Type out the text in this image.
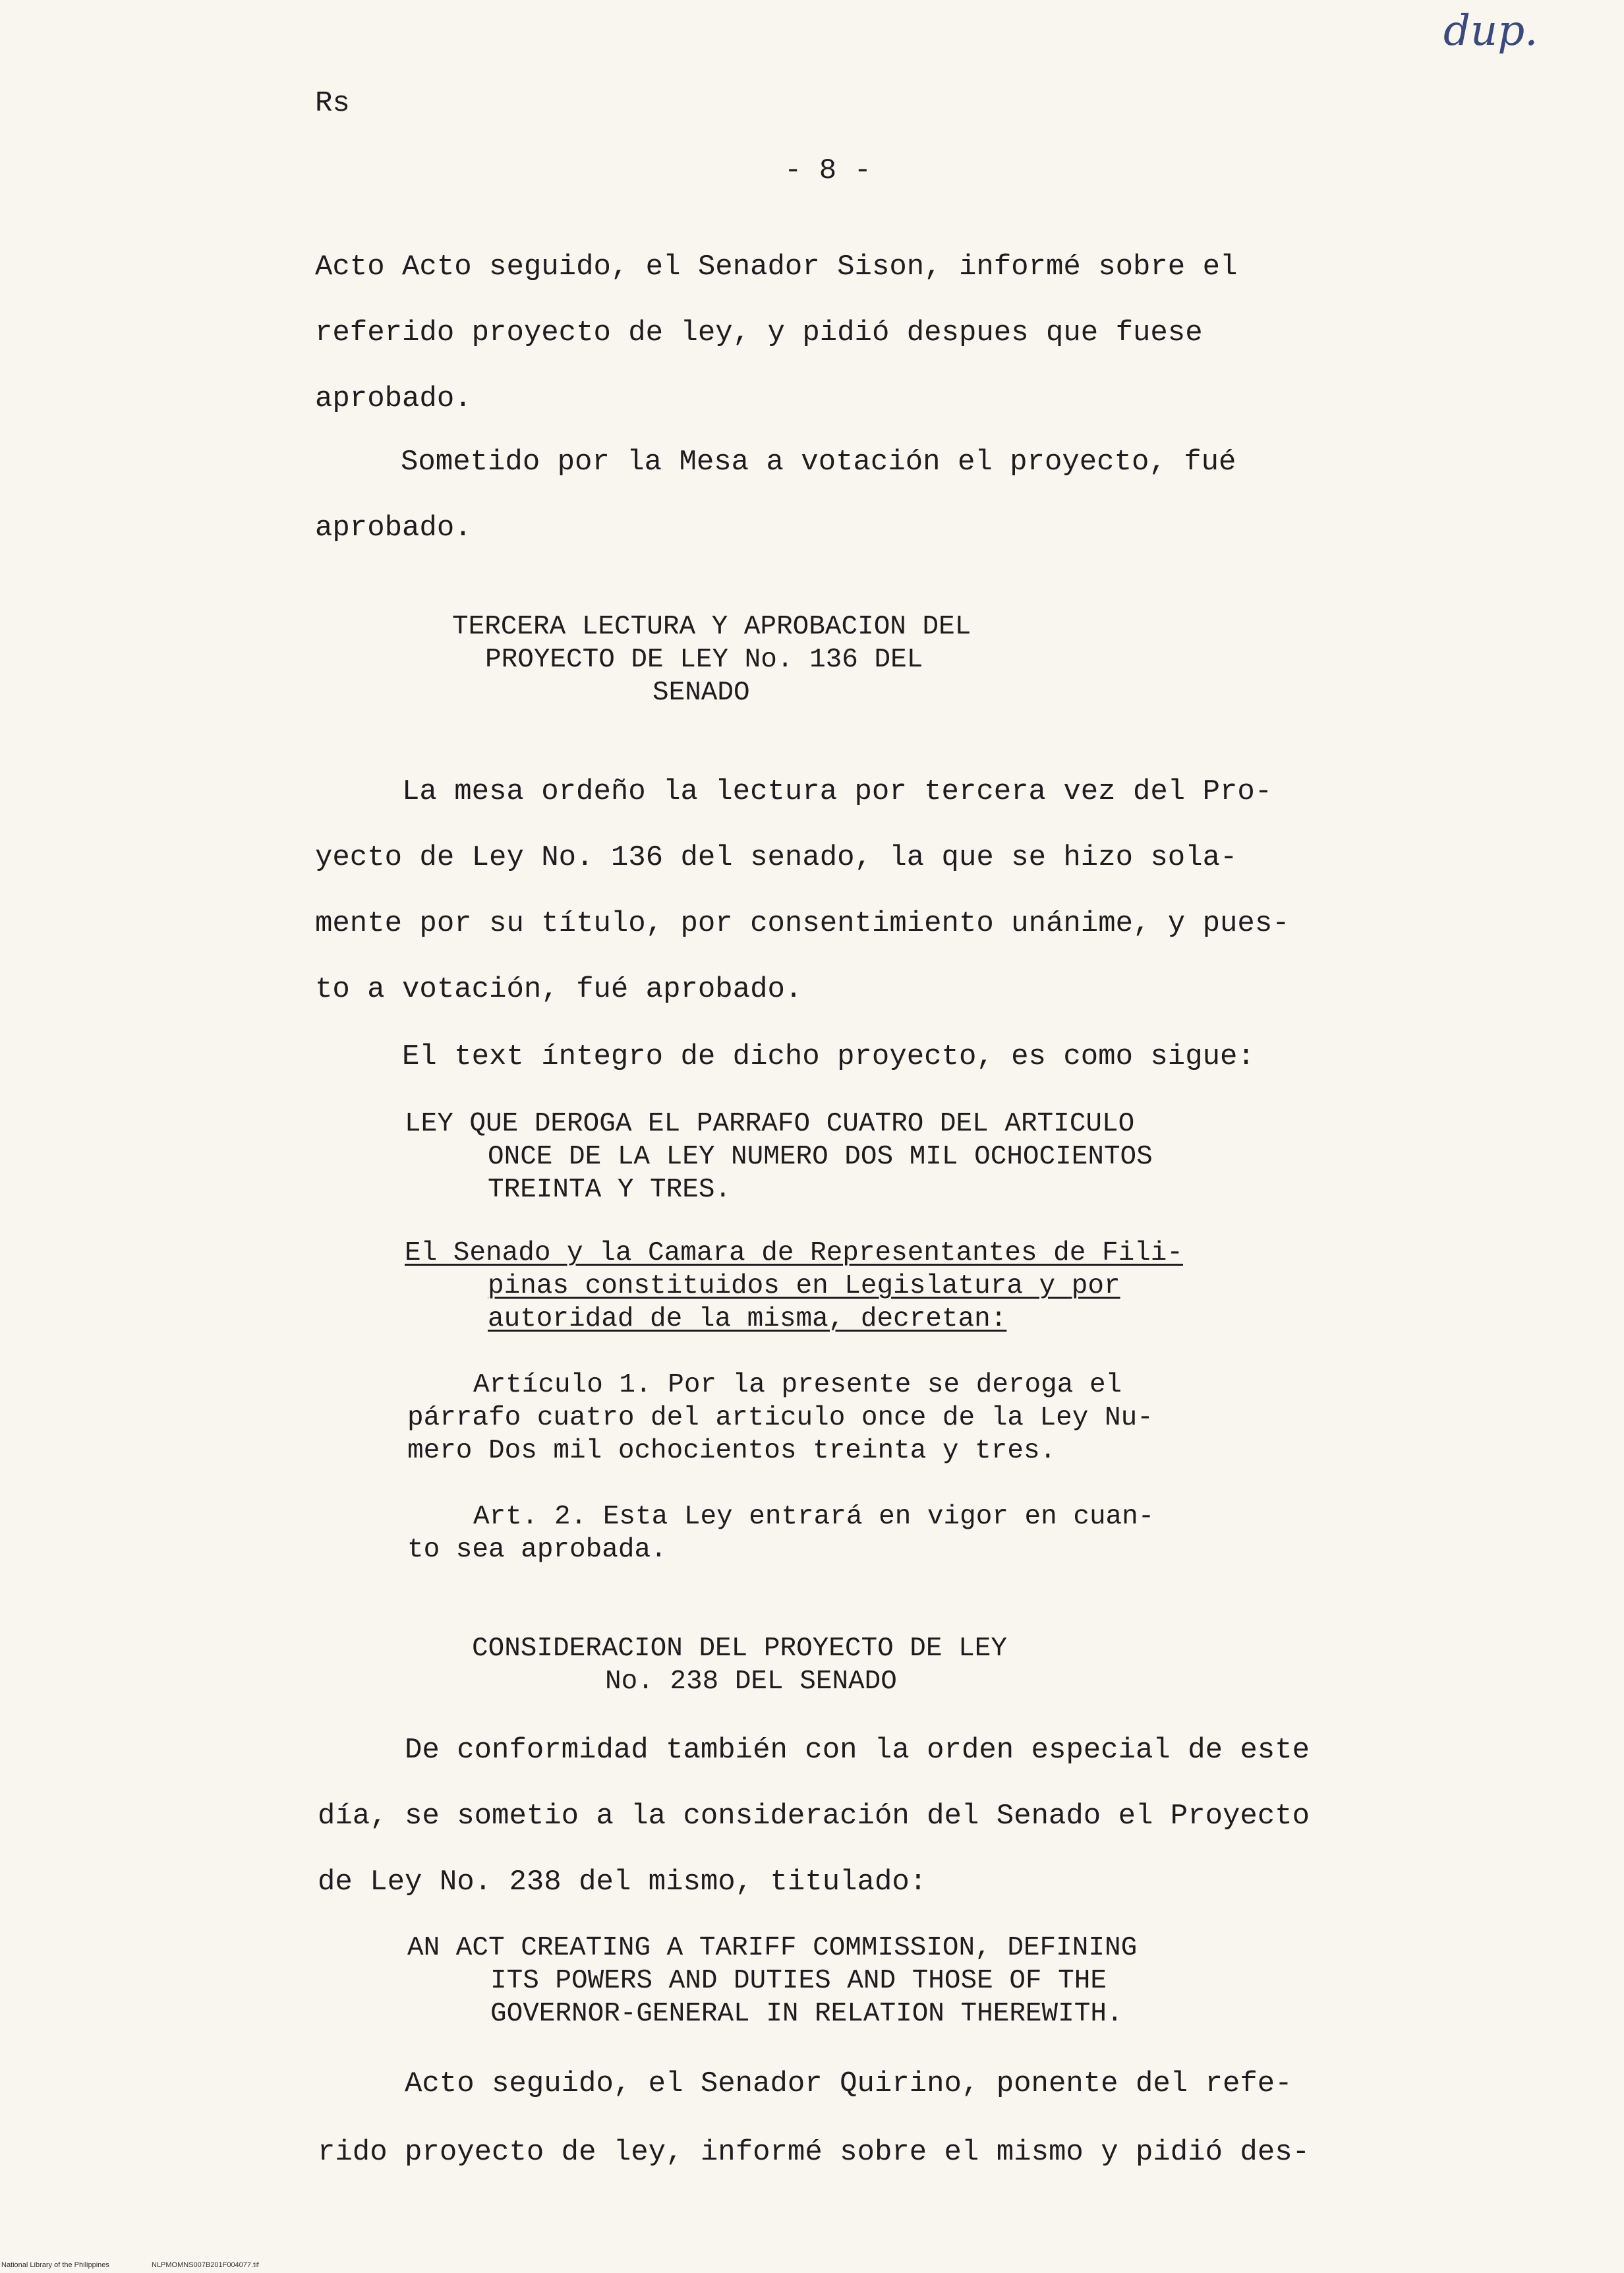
dup.
Rs
- 8 -
Acto Acto seguido, el Senador Sison, informé sobre el
referido proyecto de ley, y pidió despues que fuese
aprobado.
Sometido por la Mesa a votación el proyecto, fué
aprobado.
TERCERA LECTURA Y APROBACION DEL
PROYECTO DE LEY No. 136 DEL
SENADO
La mesa ordeño la lectura por tercera vez del Pro-
yecto de Ley No. 136 del senado, la que se hizo sola-
mente por su título, por consentimiento unánime, y pues-
to a votación, fué aprobado.
El text íntegro de dicho proyecto, es como sigue:
LEY QUE DEROGA EL PARRAFO CUATRO DEL ARTICULO
ONCE DE LA LEY NUMERO DOS MIL OCHOCIENTOS
TREINTA Y TRES.
El Senado y la Camara de Representantes de Fili-
pinas constituidos en Legislatura y por
autoridad de la misma, decretan:
Artículo 1. Por la presente se deroga el
párrafo cuatro del articulo once de la Ley Nu-
mero Dos mil ochocientos treinta y tres.
Art. 2. Esta Ley entrará en vigor en cuan-
to sea aprobada.
CONSIDERACION DEL PROYECTO DE LEY
No. 238 DEL SENADO
De conformidad también con la orden especial de este
día, se sometio a la consideración del Senado el Proyecto
de Ley No. 238 del mismo, titulado:
AN ACT CREATING A TARIFF COMMISSION, DEFINING
ITS POWERS AND DUTIES AND THOSE OF THE
GOVERNOR-GENERAL IN RELATION THEREWITH.
Acto seguido, el Senador Quirino, ponente del refe-
rido proyecto de ley, informé sobre el mismo y pidió des-
National Library of the Philippines	NLPMOMNS007B201F004077.tif
